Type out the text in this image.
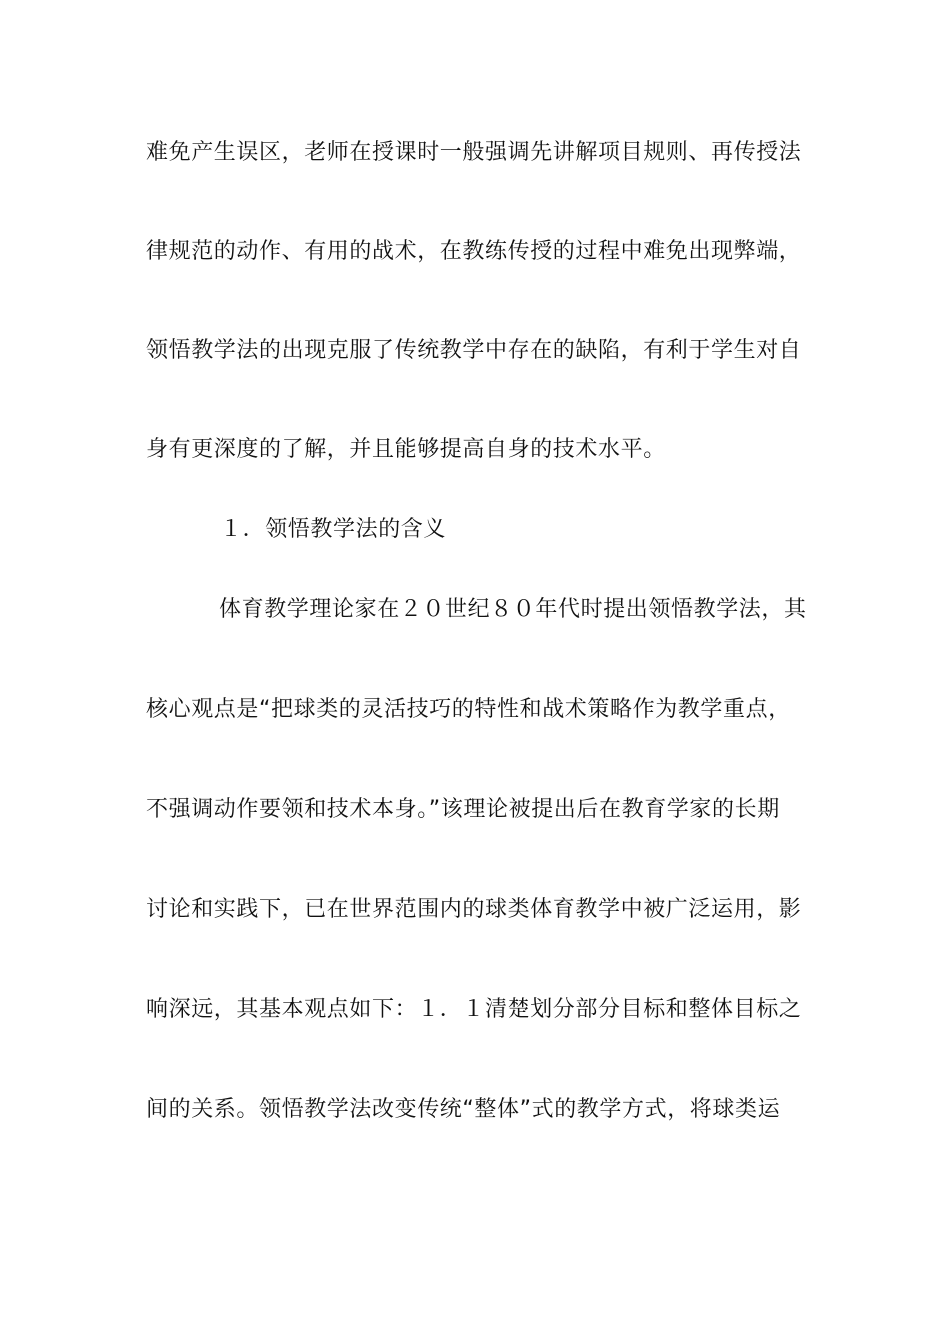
难免产生误区，老师在授课时一般强调先讲解项目规则、再传授法
律规范的动作、有用的战术，在教练传授的过程中难免出现弊端，
领悟教学法的出现克服了传统教学中存在的缺陷，有利于学生对自
身有更深度的了解，并且能够提高自身的技术水平。
１．领悟教学法的含义
体育教学理论家在２０世纪８０年代时提出领悟教学法，其
核心观点是“把球类的灵活技巧的特性和战术策略作为教学重点，
不强调动作要领和技术本身。”该理论被提出后在教育学家的长期
讨论和实践下，已在世界范围内的球类体育教学中被广泛运用，影
响深远，其基本观点如下：１．１清楚划分部分目标和整体目标之
间的关系。领悟教学法改变传统“整体”式的教学方式，将球类运
